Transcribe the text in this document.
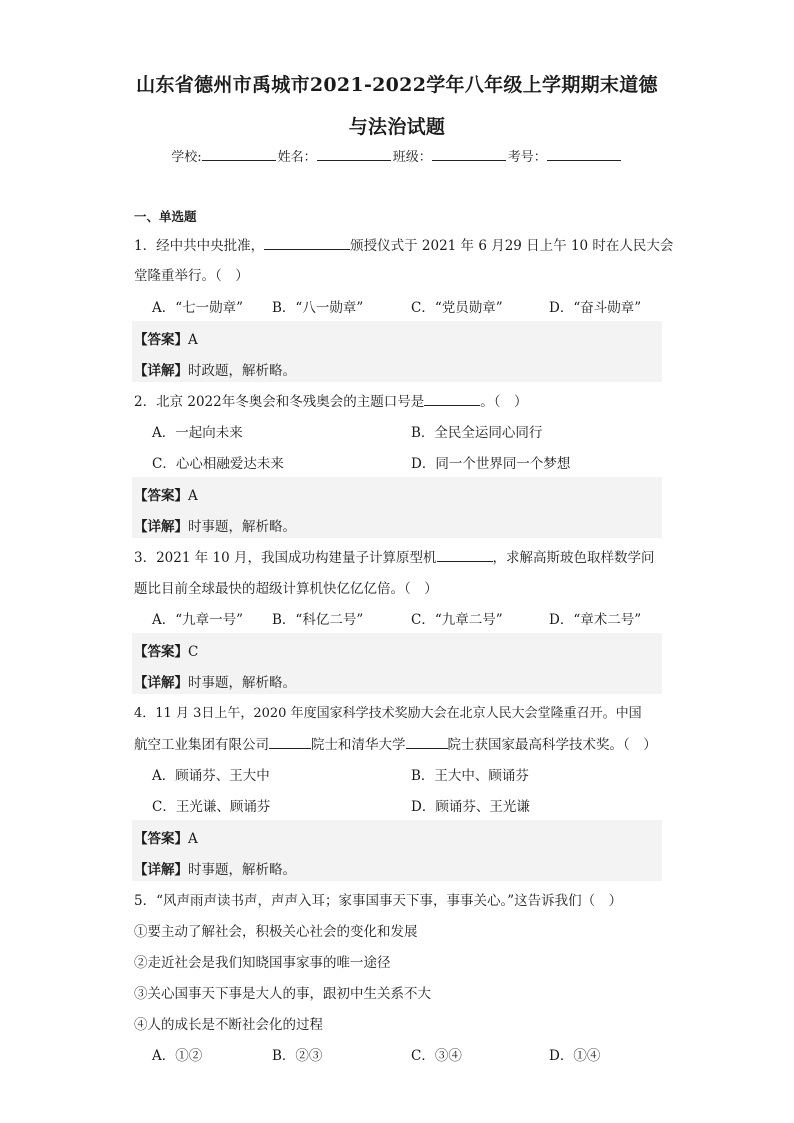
山东省德州市禹城市2021-2022学年八年级上学期期末道德
与法治试题
学校:	姓名：	班级：	考号：
一、单选题
1．经中共中央批准，	颁授仪式于 2021 年 6 月29 日上午 10 时在人民大会
堂隆重举行。（　）
A．“七一勋章” B．“八一勋章”	C．“党员勋章”	D．“奋斗勋章”
【答案】A
【详解】时政题，解析略。
2．北京 2022年冬奥会和冬残奥会的主题口号是	。（　）
A．一起向未来	B．全民全运同心同行
C．心心相融爱达未来	D．同一个世界同一个梦想
【答案】A
【详解】时事题，解析略。
3．2021 年 10 月，我国成功构建量子计算原型机	，求解高斯玻色取样数学问
题比目前全球最快的超级计算机快亿亿亿倍。（　）
A．“九章一号” B．“科亿二号”	C．“九章二号”	D．“章术二号”
【答案】C
【详解】时事题，解析略。
4．11 月 3日上午，2020 年度国家科学技术奖励大会在北京人民大会堂隆重召开。中国
航空工业集团有限公司	院士和清华大学	院士获国家最高科学技术奖。（　）
A．顾诵芬、王大中	B．王大中、顾诵芬
C．王光谦、顾诵芬	D．顾诵芬、王光谦
【答案】A
【详解】时事题，解析略。
5．“风声雨声读书声，声声入耳；家事国事天下事，事事关心。”这告诉我们（　）
①要主动了解社会，积极关心社会的变化和发展
②走近社会是我们知晓国事家事的唯一途径
③关心国事天下事是大人的事，跟初中生关系不大
④人的成长是不断社会化的过程
A．①②	B．②③	C．③④	D．①④
